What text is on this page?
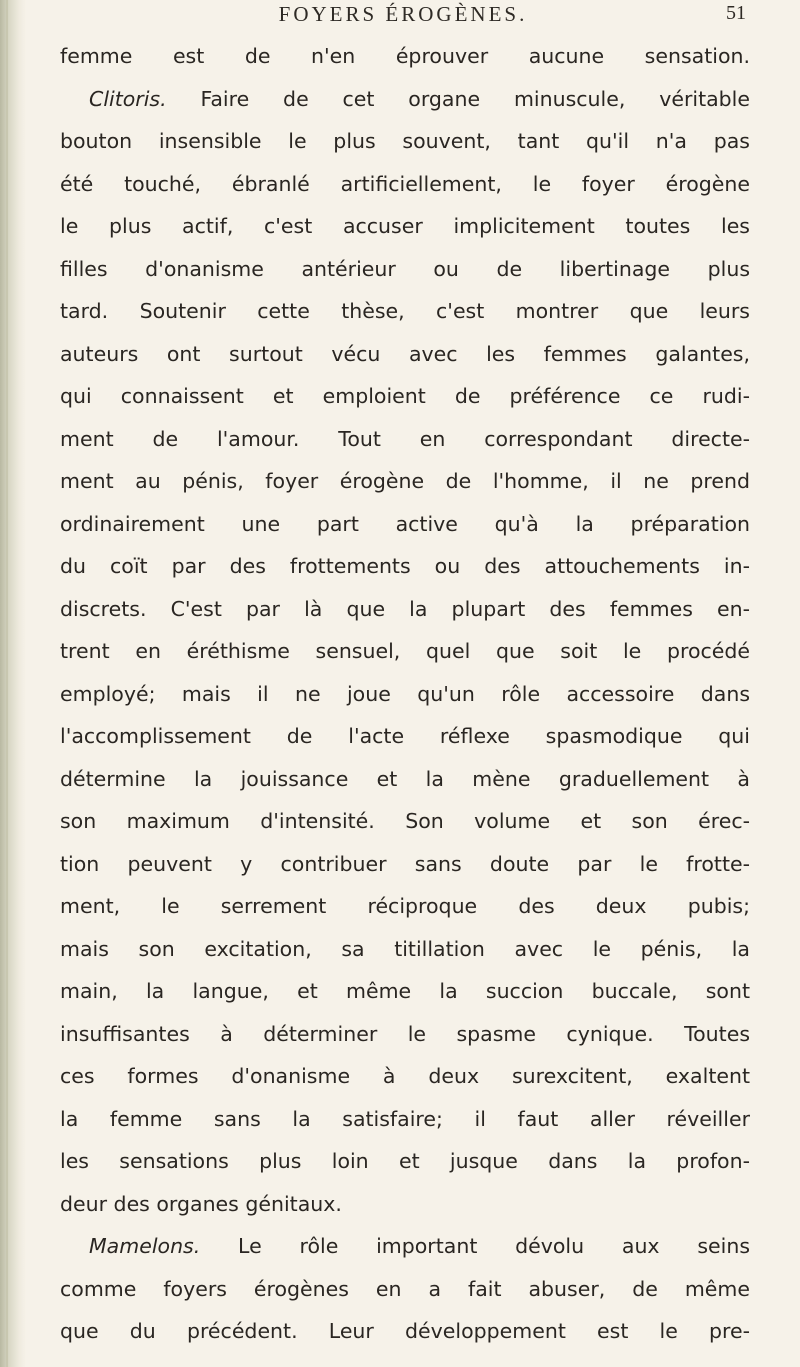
FOYERS ÉROGÈNES.	51
femme est de n'en éprouver aucune sensation.
Clitoris. Faire de cet organe minuscule, véritable
bouton insensible le plus souvent, tant qu'il n'a pas
été touché, ébranlé artificiellement, le foyer érogène
le plus actif, c'est accuser implicitement toutes les
filles d'onanisme antérieur ou de libertinage plus
tard. Soutenir cette thèse, c'est montrer que leurs
auteurs ont surtout vécu avec les femmes galantes,
qui connaissent et emploient de préférence ce rudi-
ment de l'amour. Tout en correspondant directe-
ment au pénis, foyer érogène de l'homme, il ne prend
ordinairement une part active qu'à la préparation
du coït par des frottements ou des attouchements in-
discrets. C'est par là que la plupart des femmes en-
trent en éréthisme sensuel, quel que soit le procédé
employé; mais il ne joue qu'un rôle accessoire dans
l'accomplissement de l'acte réflexe spasmodique qui
détermine la jouissance et la mène graduellement à
son maximum d'intensité. Son volume et son érec-
tion peuvent y contribuer sans doute par le frotte-
ment, le serrement réciproque des deux pubis;
mais son excitation, sa titillation avec le pénis, la
main, la langue, et même la succion buccale, sont
insuffisantes à déterminer le spasme cynique. Toutes
ces formes d'onanisme à deux surexcitent, exaltent
la femme sans la satisfaire; il faut aller réveiller
les sensations plus loin et jusque dans la profon-
deur des organes génitaux.
Mamelons. Le rôle important dévolu aux seins
comme foyers érogènes en a fait abuser, de même
que du précédent. Leur développement est le pre-
